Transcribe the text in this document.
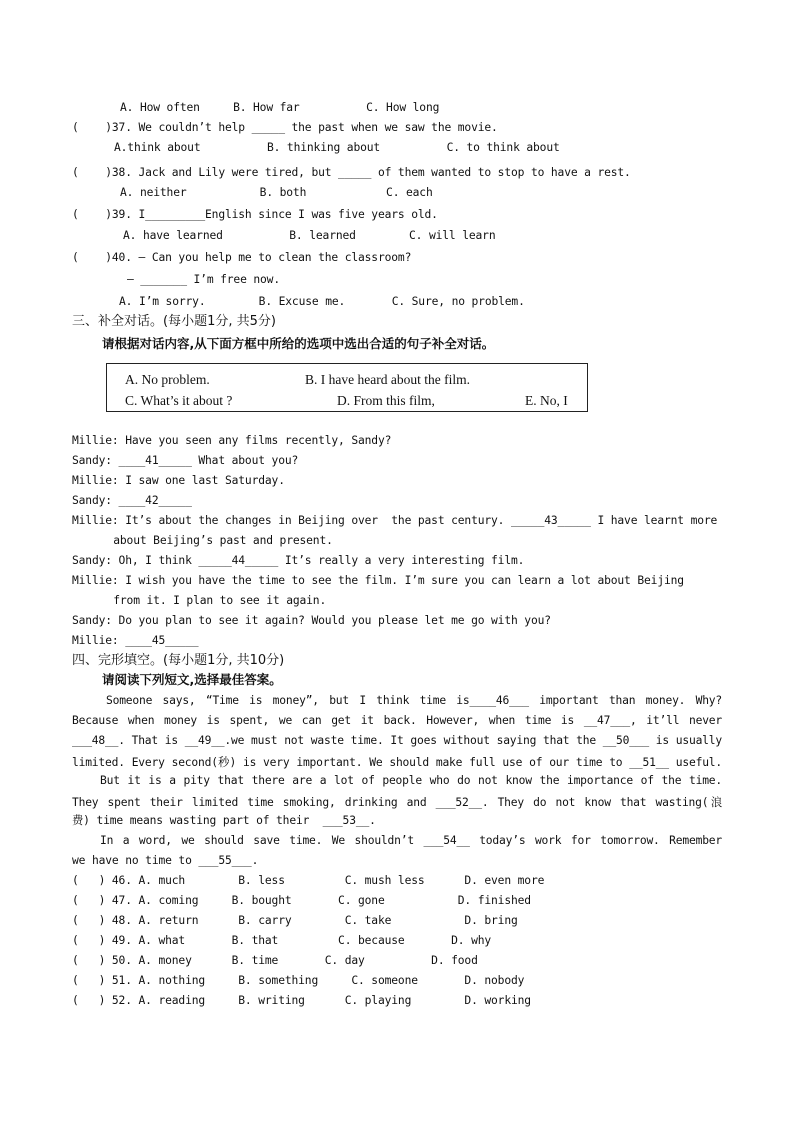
A. How often     B. How far          C. How long
(    )37. We couldn’t help _____ the past when we saw the movie.
A.think about          B. thinking about          C. to think about
(    )38. Jack and Lily were tired, but _____ of them wanted to stop to have a rest.
A. neither           B. both            C. each
(    )39. I_________English since I was five years old.
A. have learned          B. learned        C. will learn
(    )40. — Can you help me to clean the classroom?
— _______ I’m free now.
A. I’m sorry.        B. Excuse me.       C. Sure, no problem.
三、补全对话。(每小题1分, 共5分)
请根据对话内容,从下面方框中所给的选项中选出合适的句子补全对话。
A. No problem.	B. I have heard about the film.
C. What’s it about ?	D. From this film,	E. No, I
Millie: Have you seen any films recently, Sandy?
Sandy: ____41_____ What about you?
Millie: I saw one last Saturday.
Sandy: ____42_____
Millie: It’s about the changes in Beijing over  the past century. _____43_____ I have learnt more
about Beijing’s past and present.
Sandy: Oh, I think _____44_____ It’s really a very interesting film.
Millie: I wish you have the time to see the film. I’m sure you can learn a lot about Beijing
from it. I plan to see it again.
Sandy: Do you plan to see it again? Would you please let me go with you?
Millie: ____45_____
四、完形填空。(每小题1分, 共10分)
请阅读下列短文,选择最佳答案。
Someone says, “Time is money”, but I think time is____46___ important than money. Why?
Because when money is spent, we can get it back. However, when time is __47___, it’ll never
___48__. That is __49__.we must not waste time. It goes without saying that the __50___ is usually
limited. Every second(秒) is very important. We should make full use of our time to __51__ useful.
But it is a pity that there are a lot of people who do not know the importance of the time.
They spent their limited time smoking, drinking and ___52__. They do not know that wasting(浪
费) time means wasting part of their  ___53__.
In a word, we should save time. We shouldn’t ___54__ today’s work for tomorrow. Remember
we have no time to ___55___.
(   ) 46. A. much        B. less         C. mush less      D. even more
(   ) 47. A. coming     B. bought       C. gone           D. finished
(   ) 48. A. return      B. carry        C. take           D. bring
(   ) 49. A. what       B. that         C. because       D. why
(   ) 50. A. money      B. time       C. day          D. food
(   ) 51. A. nothing     B. something     C. someone       D. nobody
(   ) 52. A. reading     B. writing      C. playing        D. working
